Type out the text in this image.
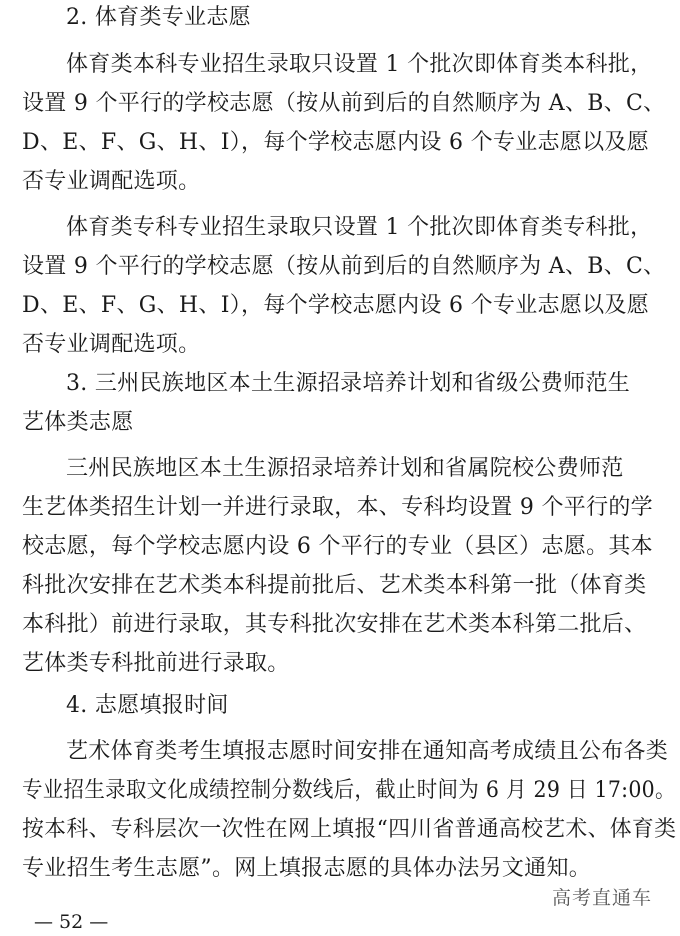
2. 体育类专业志愿
体育类本科专业招生录取只设置 1 个批次即体育类本科批，
设置 9 个平行的学校志愿（按从前到后的自然顺序为 A、B、C、
D、E、F、G、H、I），每个学校志愿内设 6 个专业志愿以及愿
否专业调配选项。
体育类专科专业招生录取只设置 1 个批次即体育类专科批，
设置 9 个平行的学校志愿（按从前到后的自然顺序为 A、B、C、
D、E、F、G、H、I），每个学校志愿内设 6 个专业志愿以及愿
否专业调配选项。
3. 三州民族地区本土生源招录培养计划和省级公费师范生
艺体类志愿
三州民族地区本土生源招录培养计划和省属院校公费师范
生艺体类招生计划一并进行录取，本、专科均设置 9 个平行的学
校志愿，每个学校志愿内设 6 个平行的专业（县区）志愿。其本
科批次安排在艺术类本科提前批后、艺术类本科第一批（体育类
本科批）前进行录取，其专科批次安排在艺术类本科第二批后、
艺体类专科批前进行录取。
4. 志愿填报时间
艺术体育类考生填报志愿时间安排在通知高考成绩且公布各类
专业招生录取文化成绩控制分数线后，截止时间为 6 月 29 日 17:00。
按本科、专科层次一次性在网上填报“四川省普通高校艺术、体育类
专业招生考生志愿”。网上填报志愿的具体办法另文通知。
高考直通车
— 52 —
